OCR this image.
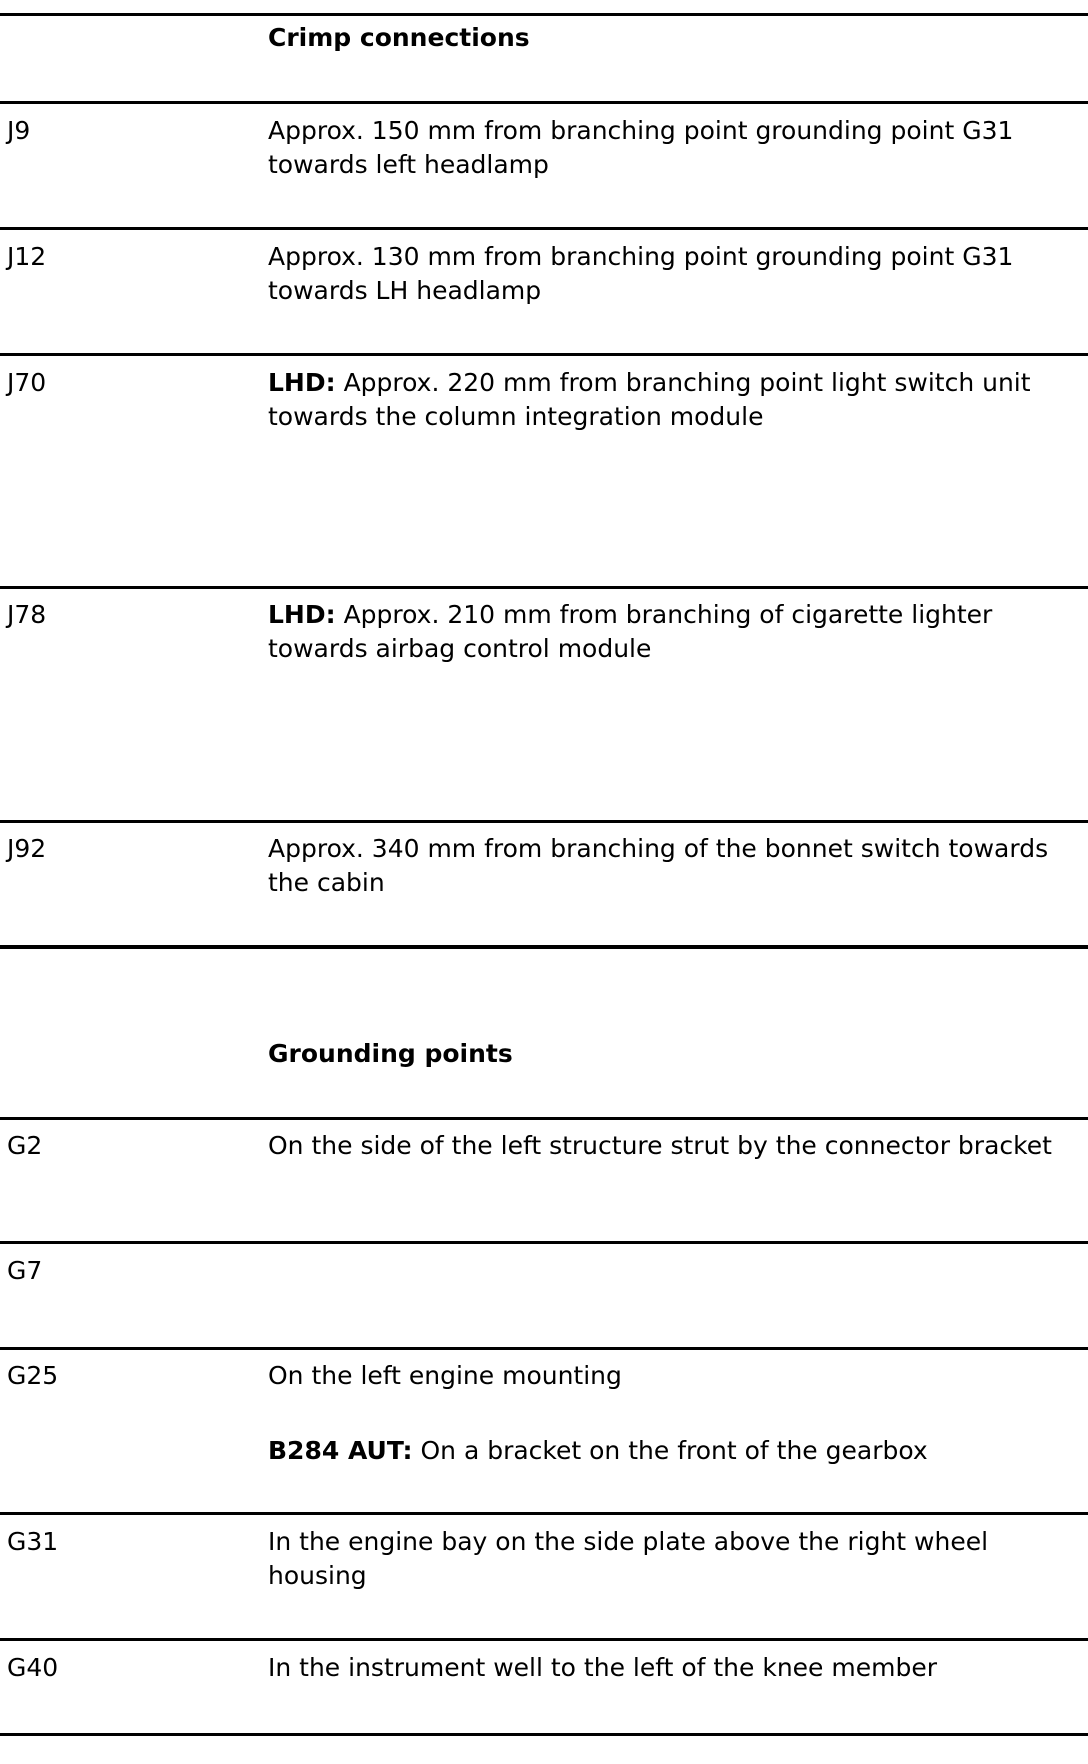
Crimp connections
J9	Approx. 150 mm from branching point grounding point G31 towards left headlamp
J12	Approx. 130 mm from branching point grounding point G31 towards LH headlamp
J70	LHD: Approx. 220 mm from branching point light switch unit towards the column integration module
J78	LHD: Approx. 210 mm from branching of cigarette lighter towards airbag control module
J92	Approx. 340 mm from branching of the bonnet switch towards the cabin
Grounding points
G2	On the side of the left structure strut by the connector bracket
G7
G25	On the left engine mounting
B284 AUT: On a bracket on the front of the gearbox
G31	In the engine bay on the side plate above the right wheel housing
G40	In the instrument well to the left of the knee member
